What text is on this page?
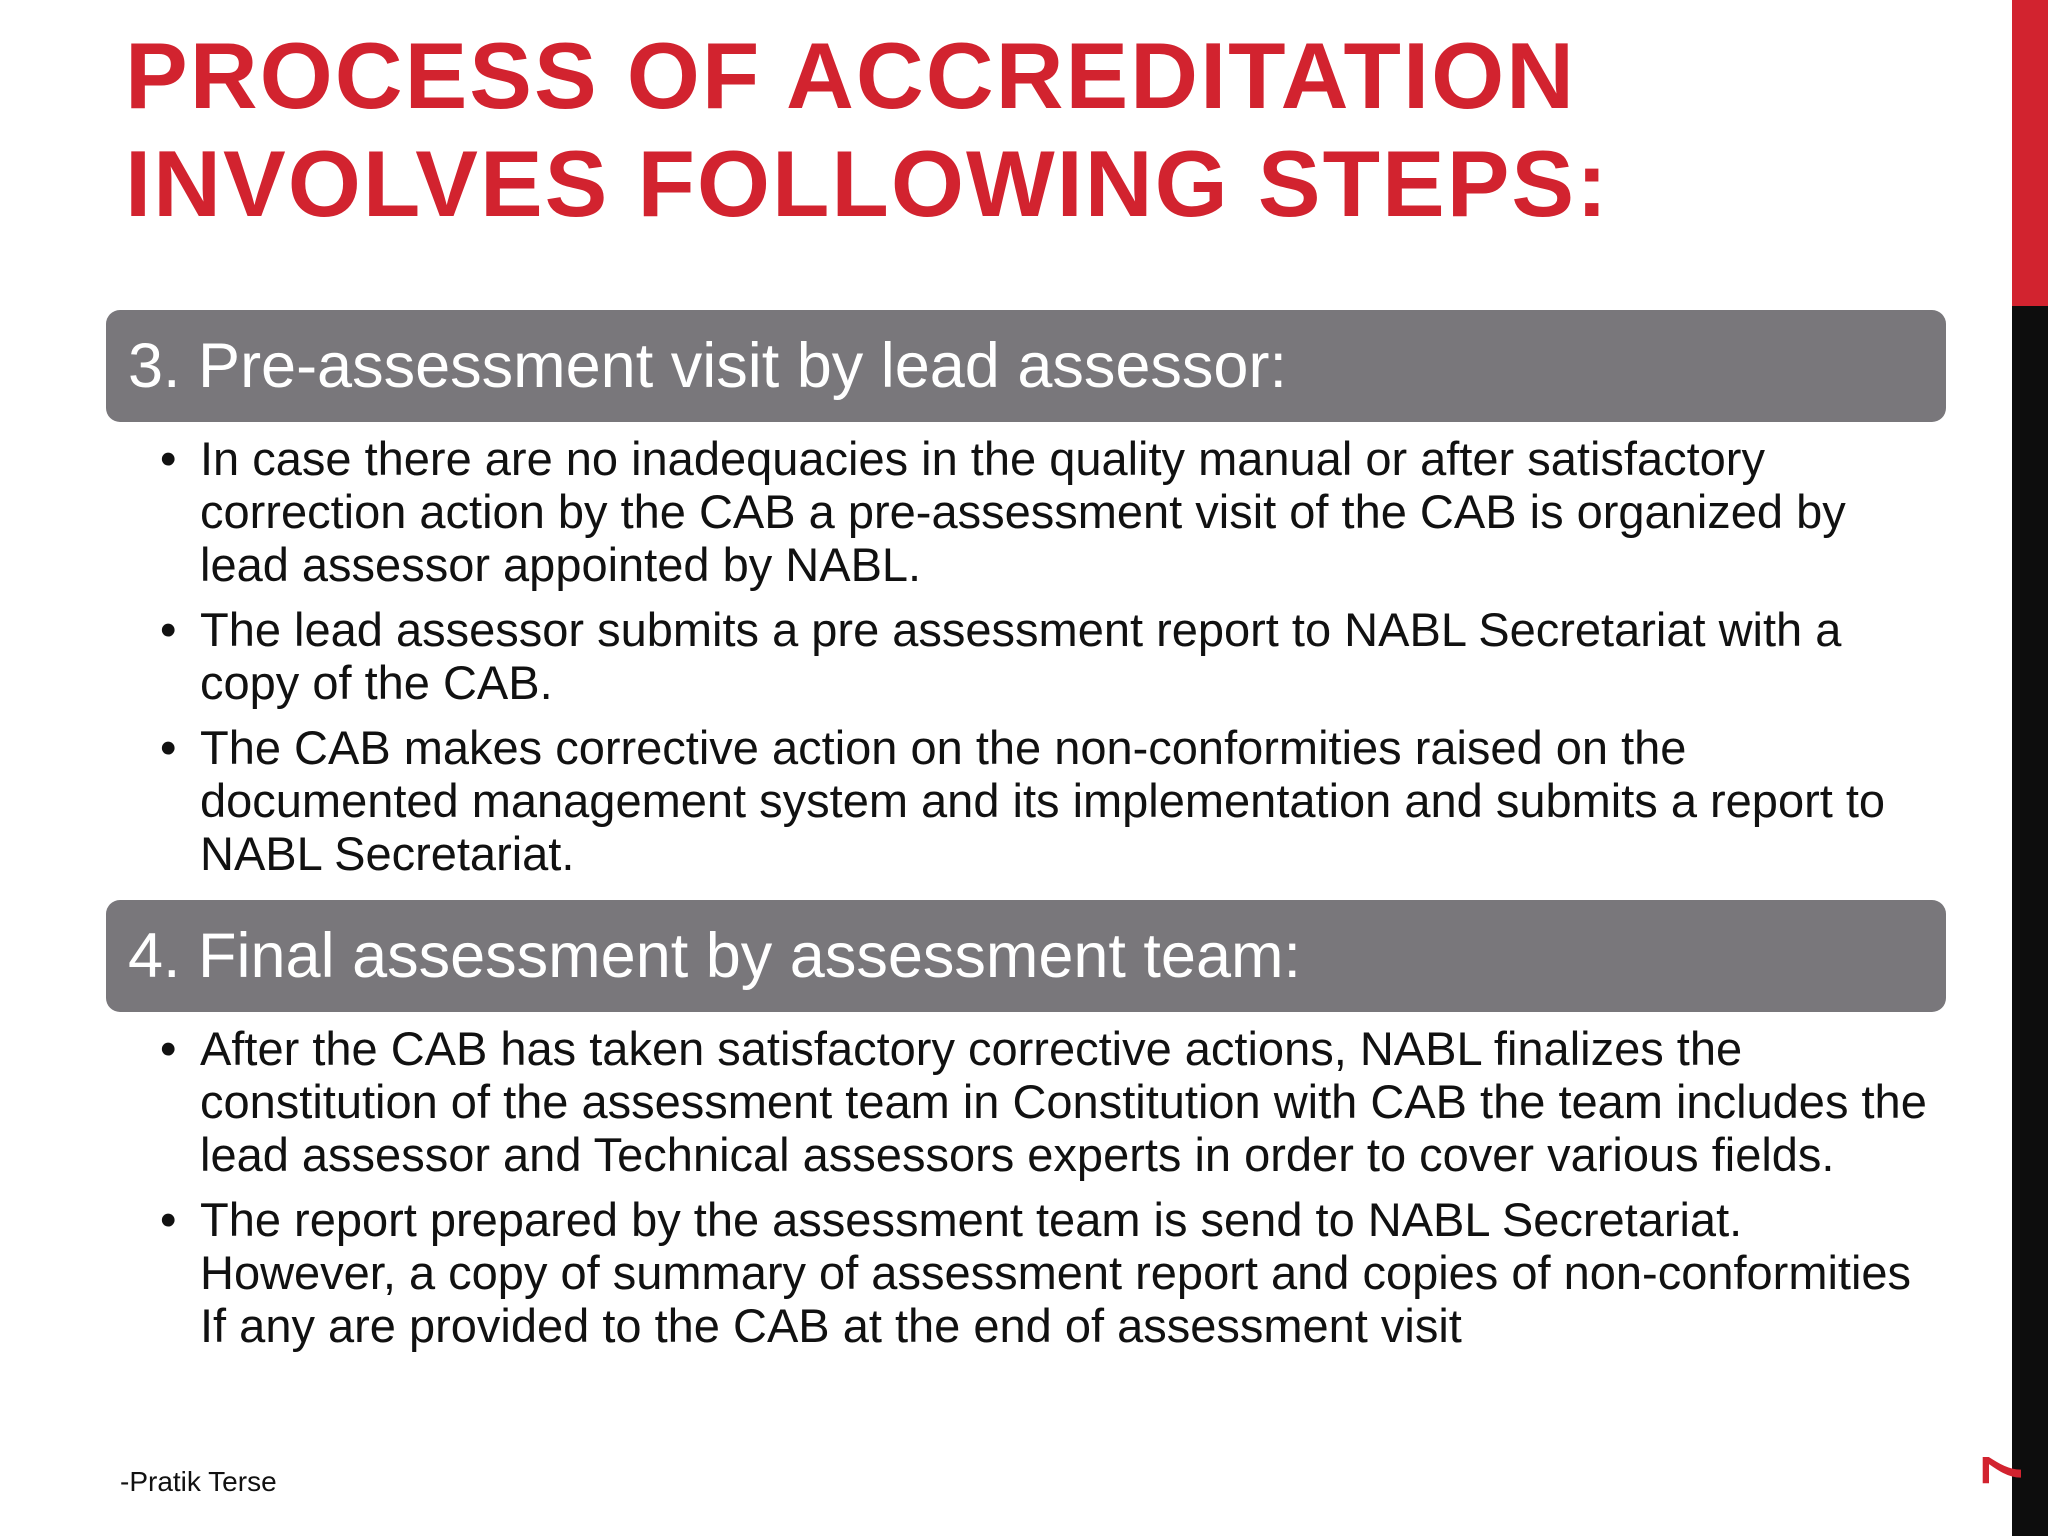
PROCESS OF ACCREDITATION
INVOLVES FOLLOWING STEPS:
3. Pre-assessment visit by lead assessor:
• In case there are no inadequacies in the quality manual or after satisfactory correction action by the CAB a pre-assessment visit of the CAB is organized by lead assessor appointed by NABL.
• The lead assessor submits a pre assessment report to NABL Secretariat with a copy of the CAB.
• The CAB makes corrective action on the non-conformities raised on the documented management system and its implementation and submits a report to NABL Secretariat.
4. Final assessment by assessment team:
• After the CAB has taken satisfactory corrective actions, NABL finalizes the constitution of the assessment team in Constitution with CAB the team includes the lead assessor and Technical assessors experts in order to cover various fields.
• The report prepared by the assessment team is send to NABL Secretariat. However, a copy of summary of assessment report and copies of non-conformities If any are provided to the CAB at the end of assessment visit
-Pratik Terse	7
